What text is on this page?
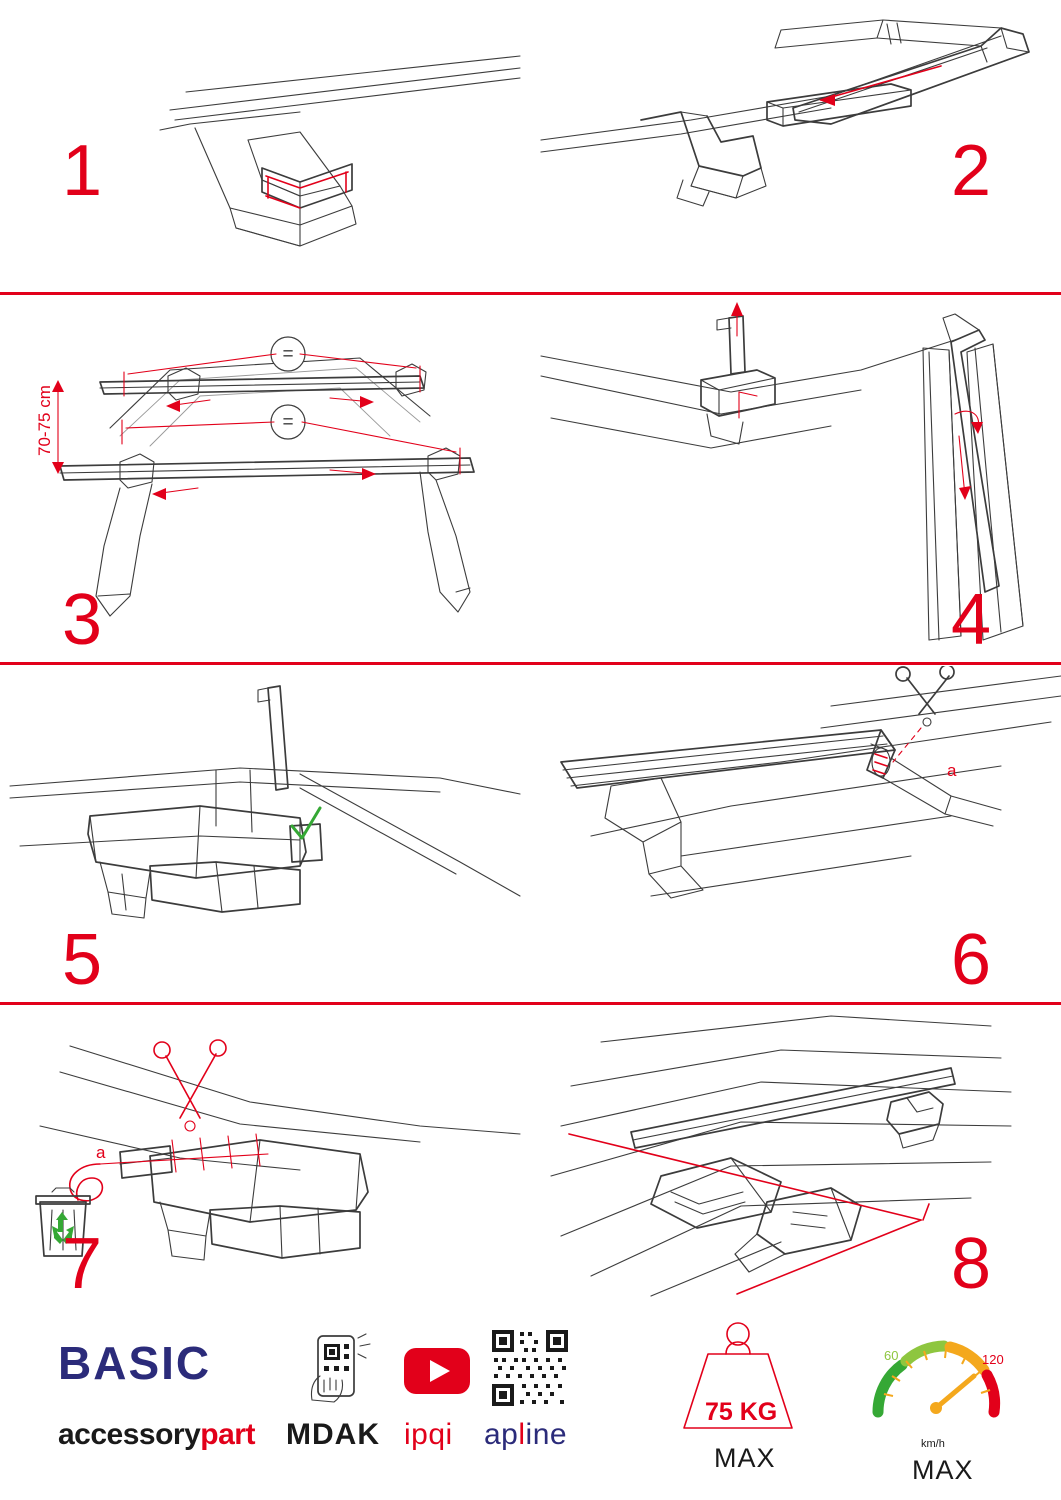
1	2
=
=
70-75 cm
3	4
5
a
6
a
7	8
BASIC
accessorypart MDAK ipqi apline
75 KG
MAX
60	120
km/h
MAX
